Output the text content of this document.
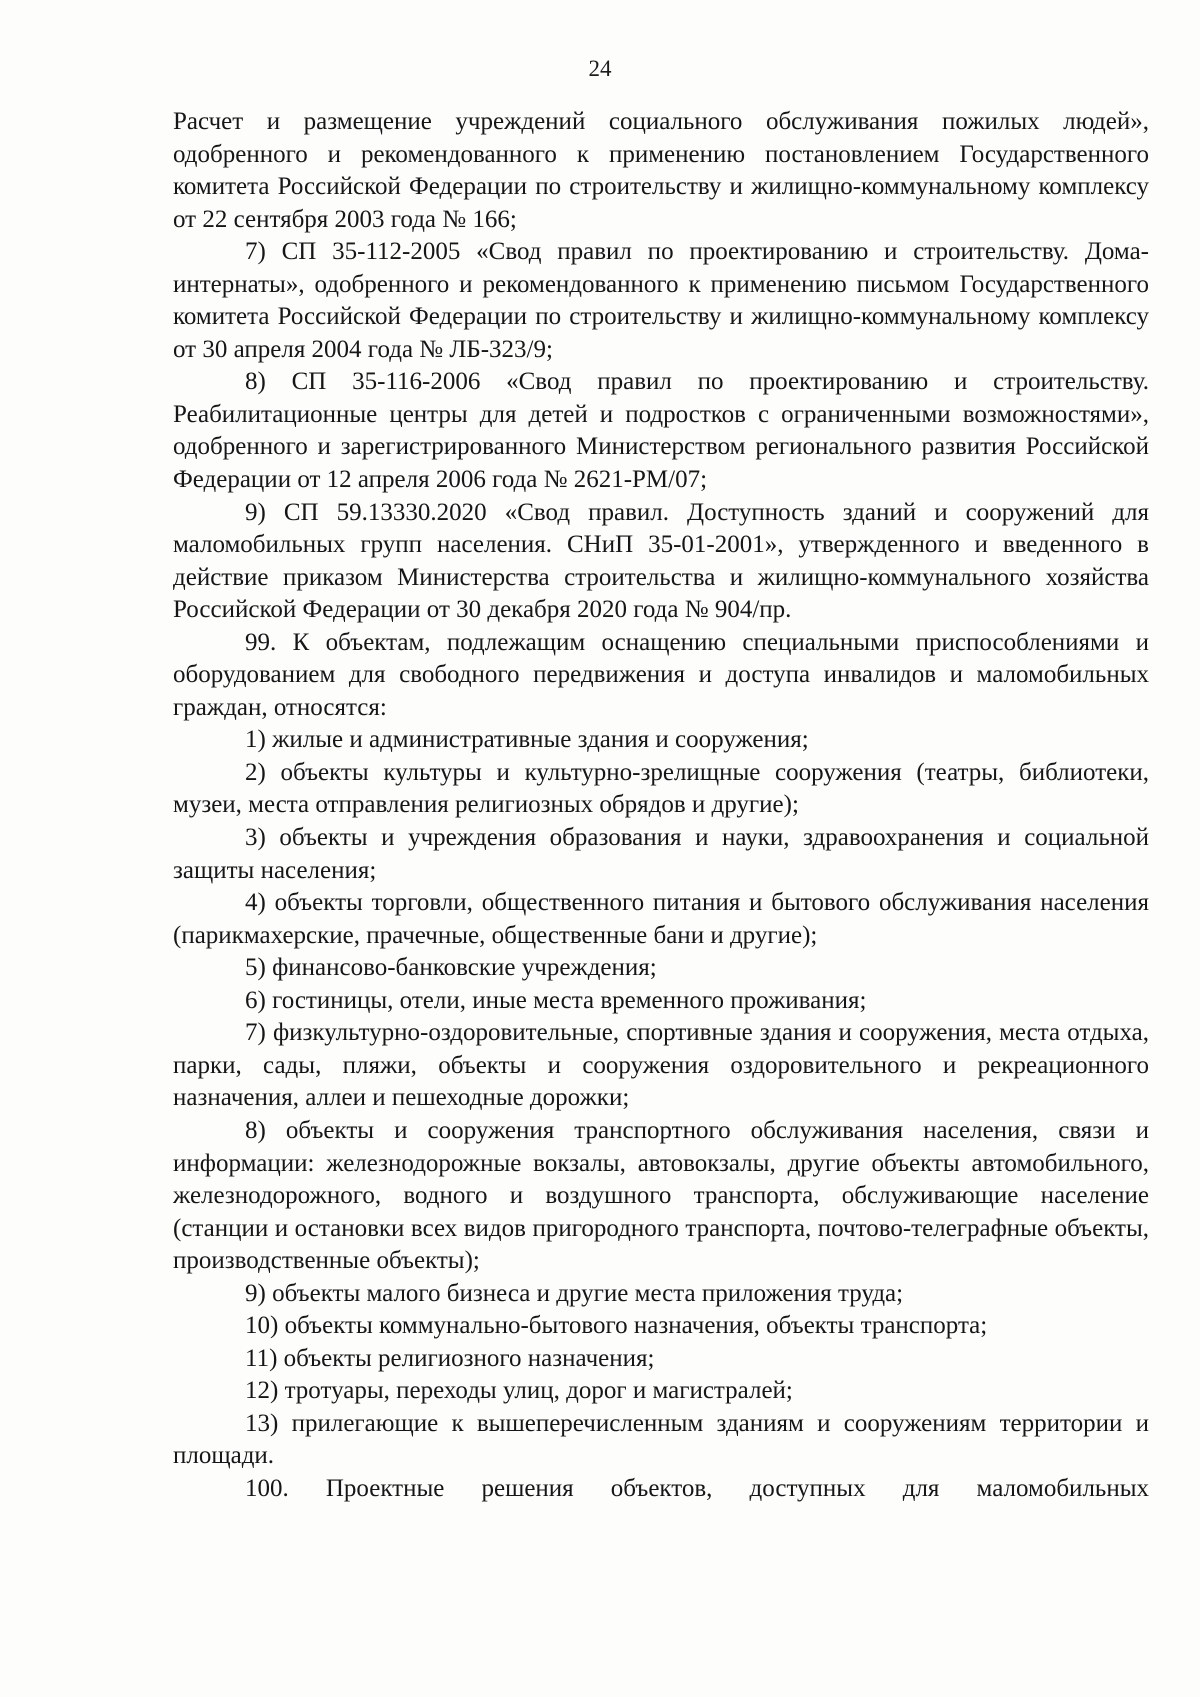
24

Расчет и размещение учреждений социального обслуживания пожилых людей», одобренного и рекомендованного к применению постановлением Государственного комитета Российской Федерации по строительству и жилищно-коммунальному комплексу от 22 сентября 2003 года № 166;

7) СП 35-112-2005 «Свод правил по проектированию и строительству. Дома-интернаты», одобренного и рекомендованного к применению письмом Государственного комитета Российской Федерации по строительству и жилищно-коммунальному комплексу от 30 апреля 2004 года № ЛБ-323/9;

8) СП 35-116-2006 «Свод правил по проектированию и строительству. Реабилитационные центры для детей и подростков с ограниченными возможностями», одобренного и зарегистрированного Министерством регионального развития Российской Федерации от 12 апреля 2006 года № 2621-РМ/07;

9) СП 59.13330.2020 «Свод правил. Доступность зданий и сооружений для маломобильных групп населения. СНиП 35-01-2001», утвержденного и введенного в действие приказом Министерства строительства и жилищно-коммунального хозяйства Российской Федерации от 30 декабря 2020 года № 904/пр.

99. К объектам, подлежащим оснащению специальными приспособлениями и оборудованием для свободного передвижения и доступа инвалидов и маломобильных граждан, относятся:

1) жилые и административные здания и сооружения;

2) объекты культуры и культурно-зрелищные сооружения (театры, библиотеки, музеи, места отправления религиозных обрядов и другие);

3) объекты и учреждения образования и науки, здравоохранения и социальной защиты населения;

4) объекты торговли, общественного питания и бытового обслуживания населения (парикмахерские, прачечные, общественные бани и другие);

5) финансово-банковские учреждения;

6) гостиницы, отели, иные места временного проживания;

7) физкультурно-оздоровительные, спортивные здания и сооружения, места отдыха, парки, сады, пляжи, объекты и сооружения оздоровительного и рекреационного назначения, аллеи и пешеходные дорожки;

8) объекты и сооружения транспортного обслуживания населения, связи и информации: железнодорожные вокзалы, автовокзалы, другие объекты автомобильного, железнодорожного, водного и воздушного транспорта, обслуживающие население (станции и остановки всех видов пригородного транспорта, почтово-телеграфные объекты, производственные объекты);

9) объекты малого бизнеса и другие места приложения труда;

10) объекты коммунально-бытового назначения, объекты транспорта;

11) объекты религиозного назначения;

12) тротуары, переходы улиц, дорог и магистралей;

13) прилегающие к вышеперечисленным зданиям и сооружениям территории и площади.

100. Проектные решения объектов, доступных для маломобильных
